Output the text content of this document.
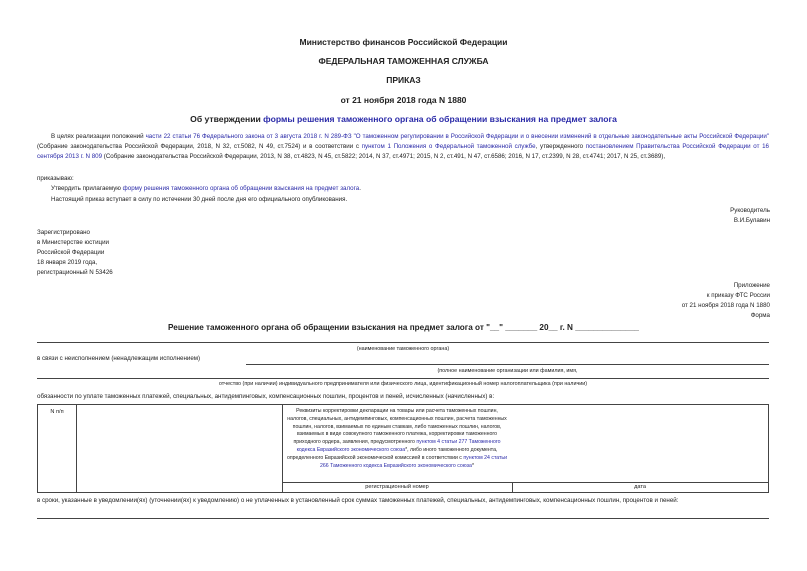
Министерство финансов Российской Федерации
ФЕДЕРАЛЬНАЯ ТАМОЖЕННАЯ СЛУЖБА
ПРИКАЗ
от 21 ноября 2018 года N 1880
Об утверждении формы решения таможенного органа об обращении взыскания на предмет залога
В целях реализации положений части 22 статьи 76 Федерального закона от 3 августа 2018 г. N 289-ФЗ "О таможенном регулировании в Российской Федерации и о внесении изменений в отдельные законодательные акты Российской Федерации" (Собрание законодательства Российской Федерации, 2018, N 32, ст.5082, N 49, ст.7524) и в соответствии с пунктом 1 Положения о Федеральной таможенной службе, утвержденного постановлением Правительства Российской Федерации от 16 сентября 2013 г. N 809 (Собрание законодательства Российской Федерации, 2013, N 38, ст.4823, N 45, ст.5822; 2014, N 37, ст.4971; 2015, N 2, ст.491, N 47, ст.6586; 2016, N 17, ст.2399, N 28, ст.4741; 2017, N 25, ст.3689),
приказываю:
Утвердить прилагаемую форму решения таможенного органа об обращении взыскания на предмет залога.
Настоящий приказ вступает в силу по истечении 30 дней после дня его официального опубликования.
Руководитель
В.И.Булавин
Зарегистрировано
в Министерстве юстиции
Российской Федерации
18 января 2019 года,
регистрационный N 53426
Приложение
к приказу ФТС России
от 21 ноября 2018 года N 1880
Форма
Решение таможенного органа об обращении взыскания на предмет залога от "__" _______ 20__ г. N ______________
(наименование таможенного органа)
в связи с неисполнением (ненадлежащим исполнением)
(полное наименование организации или фамилия, имя,
отчество (при наличии) индивидуального предпринимателя или физического лица, идентификационный номер налогоплательщика (при наличии)
обязанности по уплате таможенных платежей, специальных, антидемпинговых, компенсационных пошлин, процентов и пеней, исчисленных (начисленных) в:
N п/п	Реквизиты корректировки декларации на товары или расчета таможенных пошлин, налогов, специальных, антидемпинговых, компенсационных пошлин, расчета таможенных пошлин, налогов, взимаемых по единым ставкам, либо таможенных пошлин, налогов, взимаемых в виде совокупного таможенного платежа, корректировки таможенного приходного ордера, заявления, предусмотренного пунктом 4 статьи 277 Таможенного кодекса Евразийского экономического союза*, либо иного таможенного документа, определенного Евразийской экономической комиссией в соответствии с пунктом 24 статьи 266 Таможенного кодекса Евразийского экономического союза*
регистрационный номер	дата
в сроки, указанные в уведомлении(ях) (уточнении(ях) к уведомлению) о не уплаченных в установленный срок суммах таможенных платежей, специальных, антидемпинговых, компенсационных пошлин, процентов и пеней:
